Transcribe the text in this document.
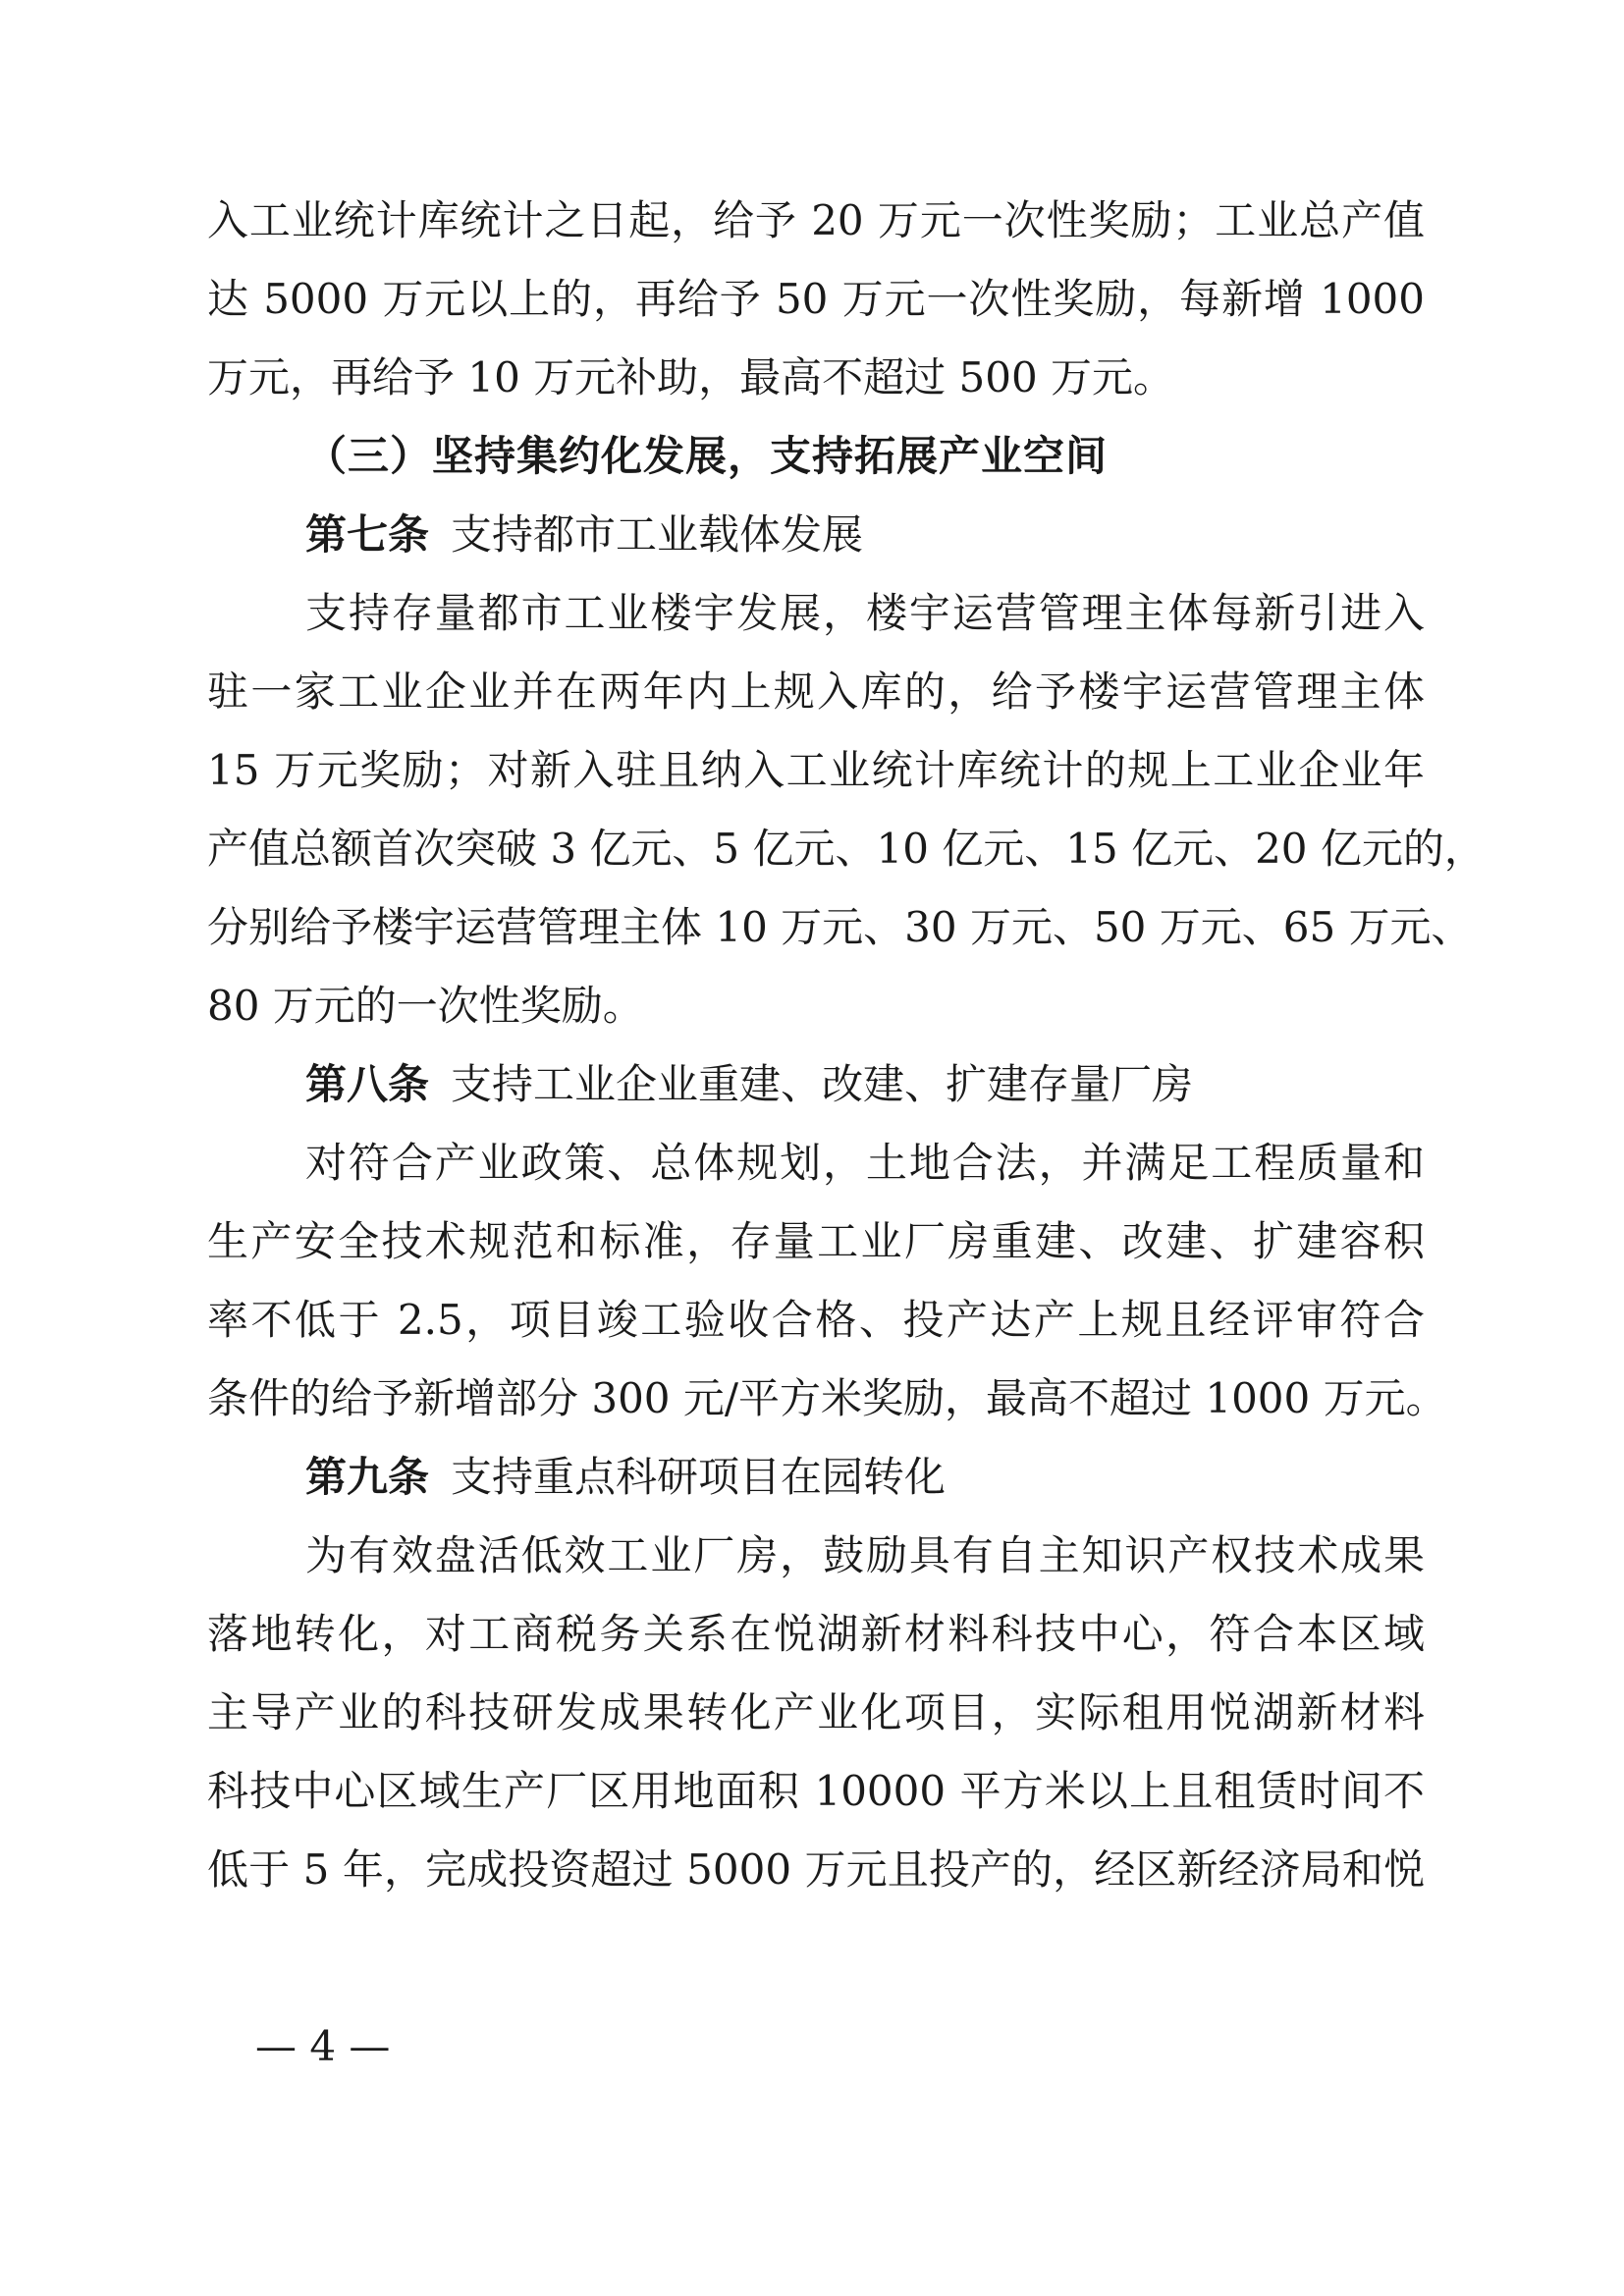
入工业统计库统计之日起，给予 20 万元一次性奖励；工业总产值
达 5000 万元以上的，再给予 50 万元一次性奖励，每新增 1000
万元，再给予 10 万元补助，最高不超过 500 万元。
（三）坚持集约化发展，支持拓展产业空间
第七条 支持都市工业载体发展
支持存量都市工业楼宇发展，楼宇运营管理主体每新引进入
驻一家工业企业并在两年内上规入库的，给予楼宇运营管理主体
15 万元奖励；对新入驻且纳入工业统计库统计的规上工业企业年
产值总额首次突破 3 亿元、5 亿元、10 亿元、15 亿元、20 亿元的，
分别给予楼宇运营管理主体 10 万元、30 万元、50 万元、65 万元、
80 万元的一次性奖励。
第八条 支持工业企业重建、改建、扩建存量厂房
对符合产业政策、总体规划，土地合法，并满足工程质量和
生产安全技术规范和标准，存量工业厂房重建、改建、扩建容积
率不低于 2.5，项目竣工验收合格、投产达产上规且经评审符合
条件的给予新增部分 300 元/平方米奖励，最高不超过 1000 万元。
第九条 支持重点科研项目在园转化
为有效盘活低效工业厂房，鼓励具有自主知识产权技术成果
落地转化，对工商税务关系在悦湖新材料科技中心，符合本区域
主导产业的科技研发成果转化产业化项目，实际租用悦湖新材料
科技中心区域生产厂区用地面积 10000 平方米以上且租赁时间不
低于 5 年，完成投资超过 5000 万元且投产的，经区新经济局和悦
— 4 —
